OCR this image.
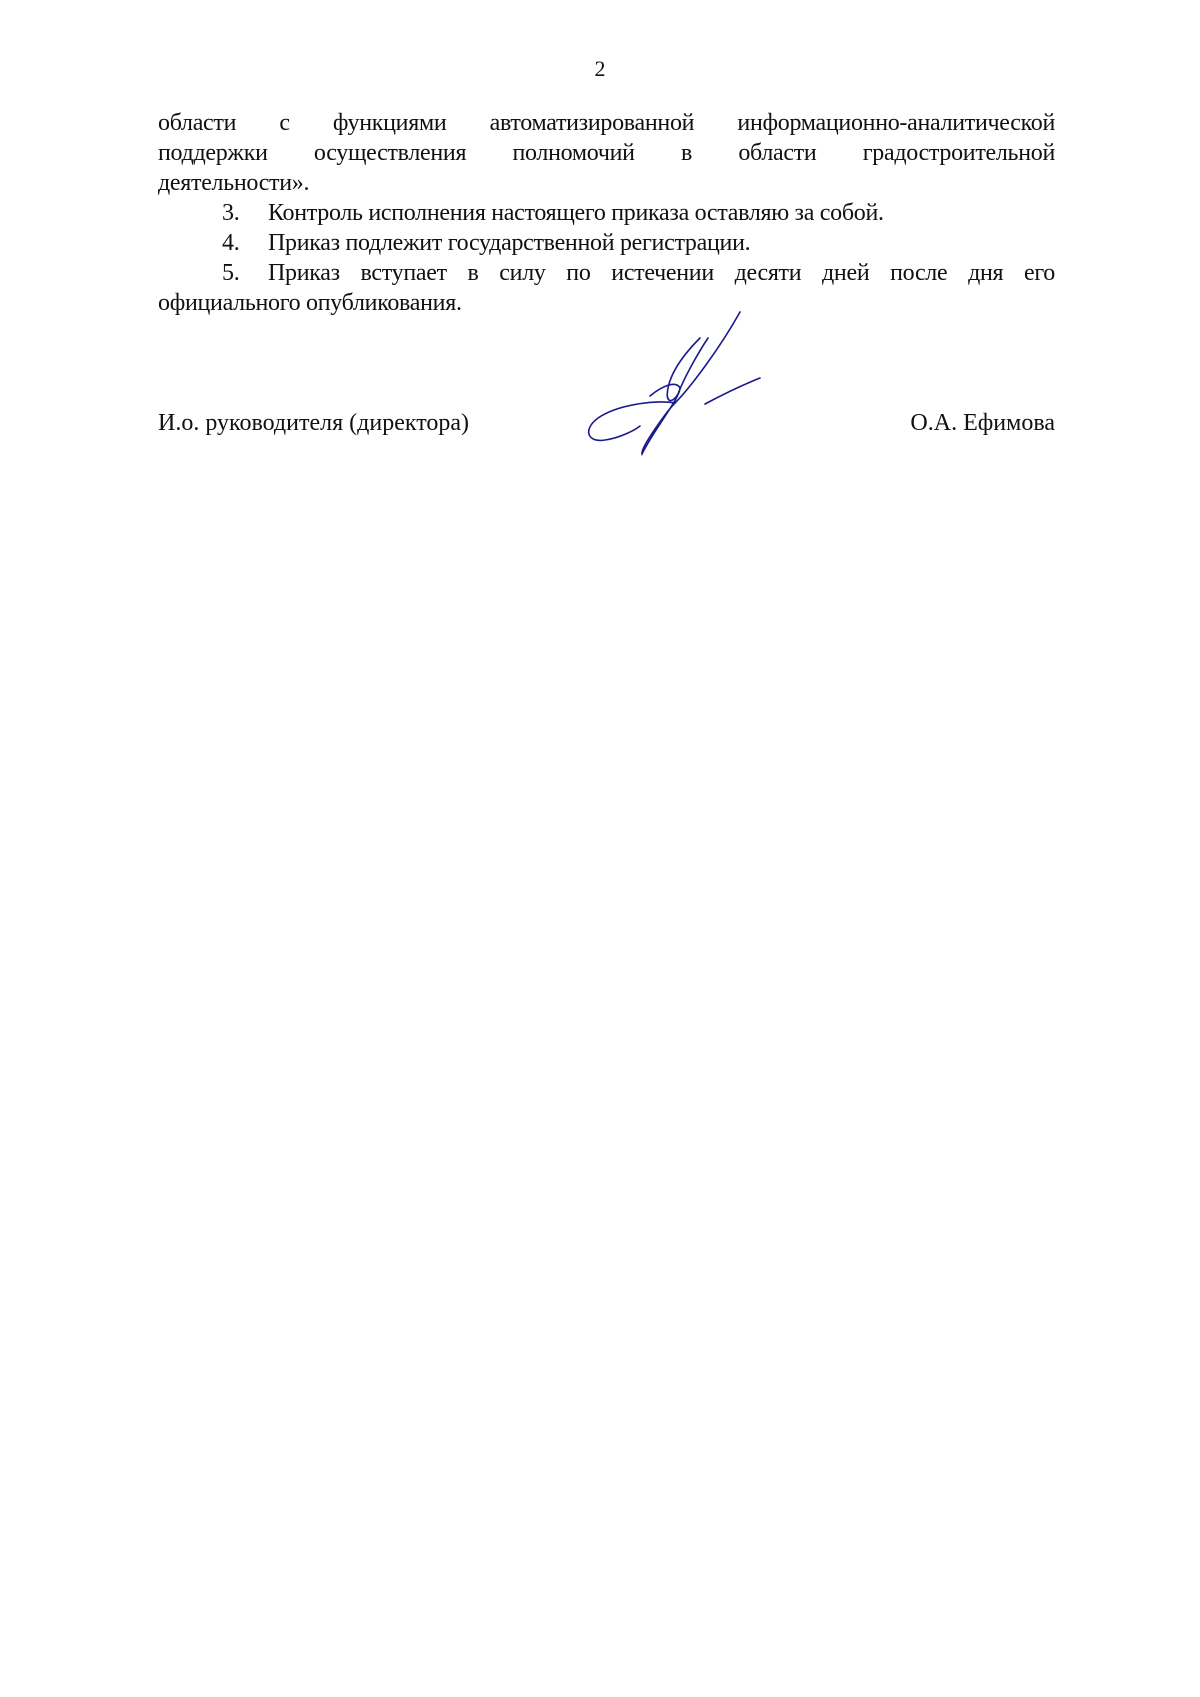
2
области с функциями автоматизированной информационно-аналитической
поддержки осуществления полномочий в области градостроительной
деятельности».
3. Контроль исполнения настоящего приказа оставляю за собой.
4. Приказ подлежит государственной регистрации.
5.	Приказ вступает в силу по истечении десяти дней после дня его
официального опубликования.
И.о. руководителя (директора)	О.А. Ефимова
